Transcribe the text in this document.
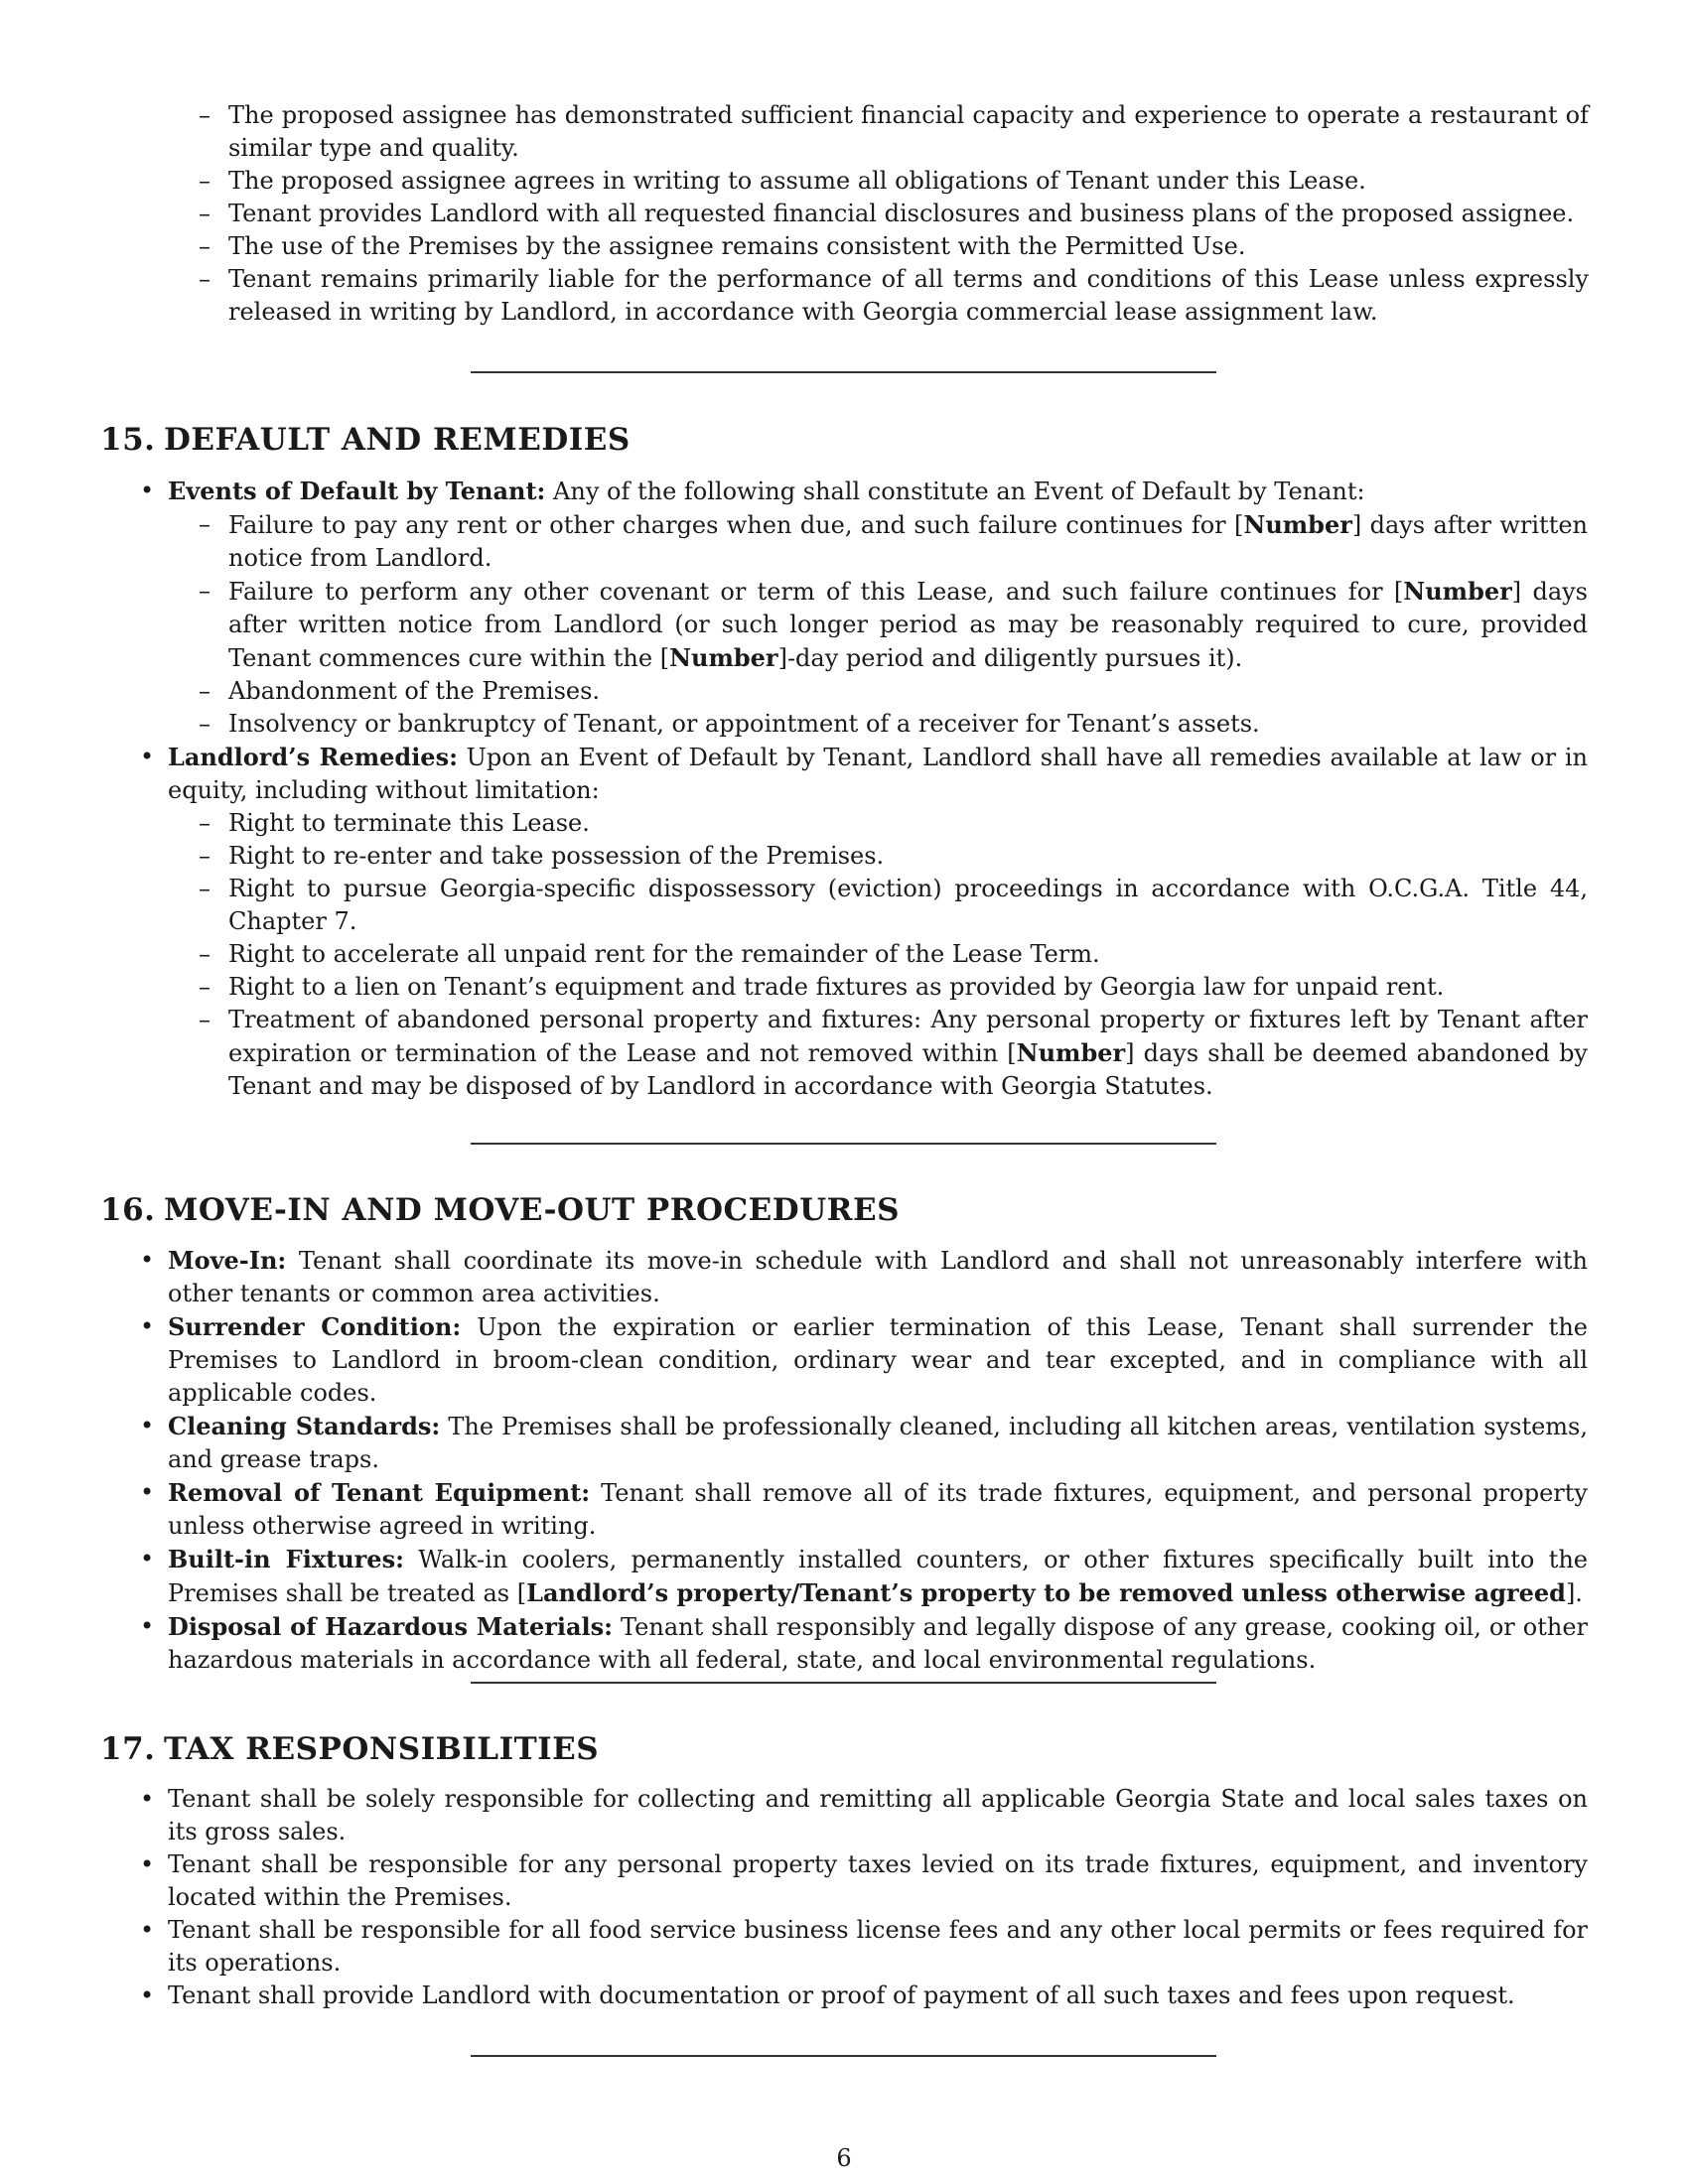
– The proposed assignee has demonstrated sufficient financial capacity and experience to operate a restaurant of similar type and quality.
– The proposed assignee agrees in writing to assume all obligations of Tenant under this Lease.
– Tenant provides Landlord with all requested financial disclosures and business plans of the proposed assignee.
– The use of the Premises by the assignee remains consistent with the Permitted Use.
– Tenant remains primarily liable for the performance of all terms and conditions of this Lease unless expressly released in writing by Landlord, in accordance with Georgia commercial lease assignment law.
15. DEFAULT AND REMEDIES
• Events of Default by Tenant: Any of the following shall constitute an Event of Default by Tenant:
– Failure to pay any rent or other charges when due, and such failure continues for [Number] days after written notice from Landlord.
– Failure to perform any other covenant or term of this Lease, and such failure continues for [Number] days after written notice from Landlord (or such longer period as may be reasonably required to cure, provided Tenant commences cure within the [Number]-day period and diligently pursues it).
– Abandonment of the Premises.
– Insolvency or bankruptcy of Tenant, or appointment of a receiver for Tenant’s assets.
• Landlord’s Remedies: Upon an Event of Default by Tenant, Landlord shall have all remedies available at law or in equity, including without limitation:
– Right to terminate this Lease.
– Right to re-enter and take possession of the Premises.
– Right to pursue Georgia-specific dispossessory (eviction) proceedings in accordance with O.C.G.A. Title 44, Chapter 7.
– Right to accelerate all unpaid rent for the remainder of the Lease Term.
– Right to a lien on Tenant’s equipment and trade fixtures as provided by Georgia law for unpaid rent.
– Treatment of abandoned personal property and fixtures: Any personal property or fixtures left by Tenant after expiration or termination of the Lease and not removed within [Number] days shall be deemed abandoned by Tenant and may be disposed of by Landlord in accordance with Georgia Statutes.
16. MOVE-IN AND MOVE-OUT PROCEDURES
• Move-In: Tenant shall coordinate its move-in schedule with Landlord and shall not unreasonably interfere with other tenants or common area activities.
• Surrender Condition: Upon the expiration or earlier termination of this Lease, Tenant shall surrender the Premises to Landlord in broom-clean condition, ordinary wear and tear excepted, and in compliance with all applicable codes.
• Cleaning Standards: The Premises shall be professionally cleaned, including all kitchen areas, ventilation systems, and grease traps.
• Removal of Tenant Equipment: Tenant shall remove all of its trade fixtures, equipment, and personal property unless otherwise agreed in writing.
• Built-in Fixtures: Walk-in coolers, permanently installed counters, or other fixtures specifically built into the Premises shall be treated as [Landlord’s property/Tenant’s property to be removed unless otherwise agreed].
• Disposal of Hazardous Materials: Tenant shall responsibly and legally dispose of any grease, cooking oil, or other hazardous materials in accordance with all federal, state, and local environmental regulations.
17. TAX RESPONSIBILITIES
• Tenant shall be solely responsible for collecting and remitting all applicable Georgia State and local sales taxes on its gross sales.
• Tenant shall be responsible for any personal property taxes levied on its trade fixtures, equipment, and inventory located within the Premises.
• Tenant shall be responsible for all food service business license fees and any other local permits or fees required for its operations.
• Tenant shall provide Landlord with documentation or proof of payment of all such taxes and fees upon request.
6
